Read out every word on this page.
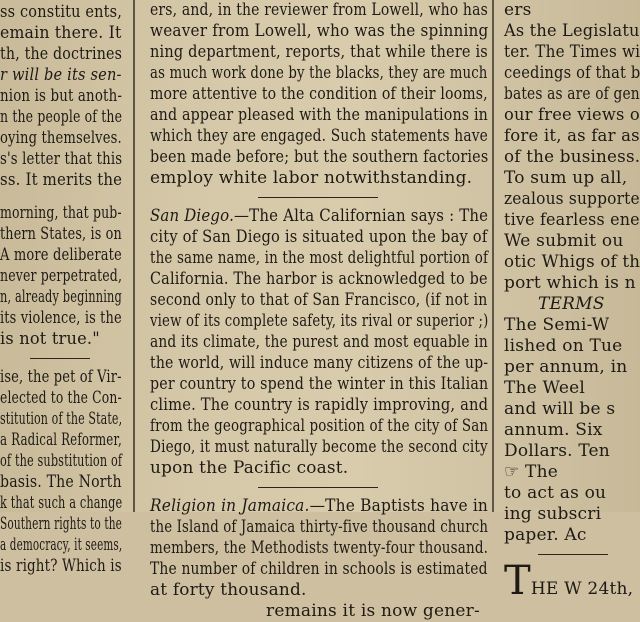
ss constitu ents,
emain there. It
th, the doctrines
r will be its sen-
nion is but anoth-
n the people of the
oying themselves.
s's letter that this
ss. It merits the
morning, that pub-
thern States, is on
A more deliberate
never perpetrated,
n, already beginning
its violence, is the
is not true."
ise, the pet of Vir-
elected to the Con-
stitution of the State,
a Radical Reformer,
of the substitution of
basis. The North
k that such a change
Southern rights to the
a democracy, it seems,
is right? Which is
ers, and, in the reviewer from Lowell, who has
weaver from Lowell, who was the spinning
ning department, reports, that while there is
as much work done by the blacks, they are much
more attentive to the condition of their looms,
and appear pleased with the manipulations in
which they are engaged. Such statements have
been made before; but the southern factories
employ white labor notwithstanding.
San Diego.—The Alta Californian says : The
city of San Diego is situated upon the bay of
the same name, in the most delightful portion of
California. The harbor is acknowledged to be
second only to that of San Francisco, (if not in
view of its complete safety, its rival or superior ;)
and its climate, the purest and most equable in
the world, will induce many citizens of the up-
per country to spend the winter in this Italian
clime. The country is rapidly improving, and
from the geographical position of the city of San
Diego, it must naturally become the second city
upon the Pacific coast.
Religion in Jamaica.—The Baptists have in
the Island of Jamaica thirty-five thousand church
members, the Methodists twenty-four thousand.
The number of children in schools is estimated
at forty thousand.
remains it is now gener-
ers
As the Legislatu
ter. The Times wi
ceedings of that b
bates as are of gen
our free views o
fore it, as far as
of the business.
To sum up all,
zealous supporte
tive fearless ene
We submit ou
otic Whigs of th
port which is n
TERMS
The Semi-W
lished on Tue
per annum, in
The Weel
and will be s
annum. Six
Dollars. Ten
☞ The
to act as ou
ing subscri
paper. Ac
THE W 24th,
